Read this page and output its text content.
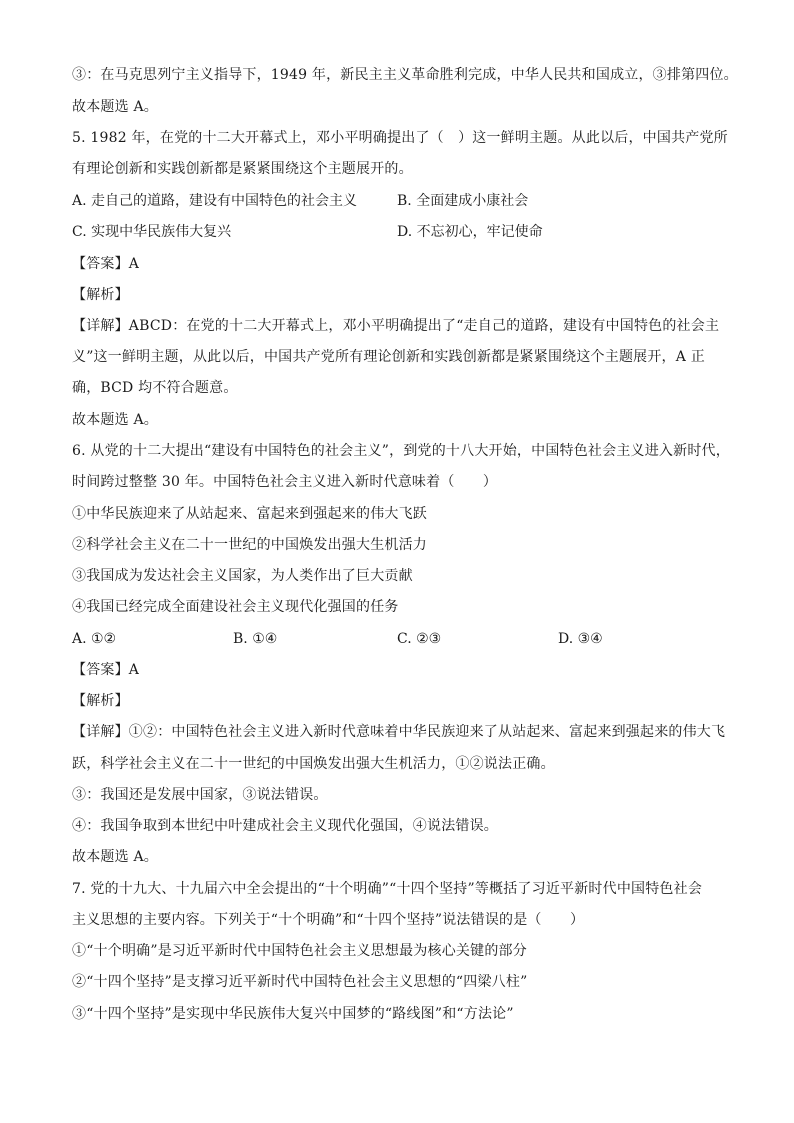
③：在马克思列宁主义指导下，1949 年，新民主主义革命胜利完成，中华人民共和国成立，③排第四位。
故本题选 A。
5. 1982 年，在党的十二大开幕式上，邓小平明确提出了（　）这一鲜明主题。从此以后，中国共产党所
有理论创新和实践创新都是紧紧围绕这个主题展开的。
A. 走自己的道路，建设有中国特色的社会主义	B. 全面建成小康社会
C. 实现中华民族伟大复兴	D. 不忘初心，牢记使命
【答案】A
【解析】
【详解】ABCD：在党的十二大开幕式上，邓小平明确提出了“走自己的道路，建设有中国特色的社会主
义”这一鲜明主题，从此以后，中国共产党所有理论创新和实践创新都是紧紧围绕这个主题展开，A 正
确，BCD 均不符合题意。
故本题选 A。
6. 从党的十二大提出“建设有中国特色的社会主义”，到党的十八大开始，中国特色社会主义进入新时代，
时间跨过整整 30 年。中国特色社会主义进入新时代意味着（　　）
①中华民族迎来了从站起来、富起来到强起来的伟大飞跃
②科学社会主义在二十一世纪的中国焕发出强大生机活力
③我国成为发达社会主义国家，为人类作出了巨大贡献
④我国已经完成全面建设社会主义现代化强国的任务
A. ①②	B. ①④	C. ②③	D. ③④
【答案】A
【解析】
【详解】①②：中国特色社会主义进入新时代意味着中华民族迎来了从站起来、富起来到强起来的伟大飞
跃，科学社会主义在二十一世纪的中国焕发出强大生机活力，①②说法正确。
③：我国还是发展中国家，③说法错误。
④：我国争取到本世纪中叶建成社会主义现代化强国，④说法错误。
故本题选 A。
7. 党的十九大、十九届六中全会提出的“十个明确”“十四个坚持”等概括了习近平新时代中国特色社会
主义思想的主要内容。下列关于“十个明确”和“十四个坚持”说法错误的是（　　）
①“十个明确”是习近平新时代中国特色社会主义思想最为核心关键的部分
②“十四个坚持”是支撑习近平新时代中国特色社会主义思想的“四梁八柱”
③“十四个坚持”是实现中华民族伟大复兴中国梦的“路线图”和“方法论”
